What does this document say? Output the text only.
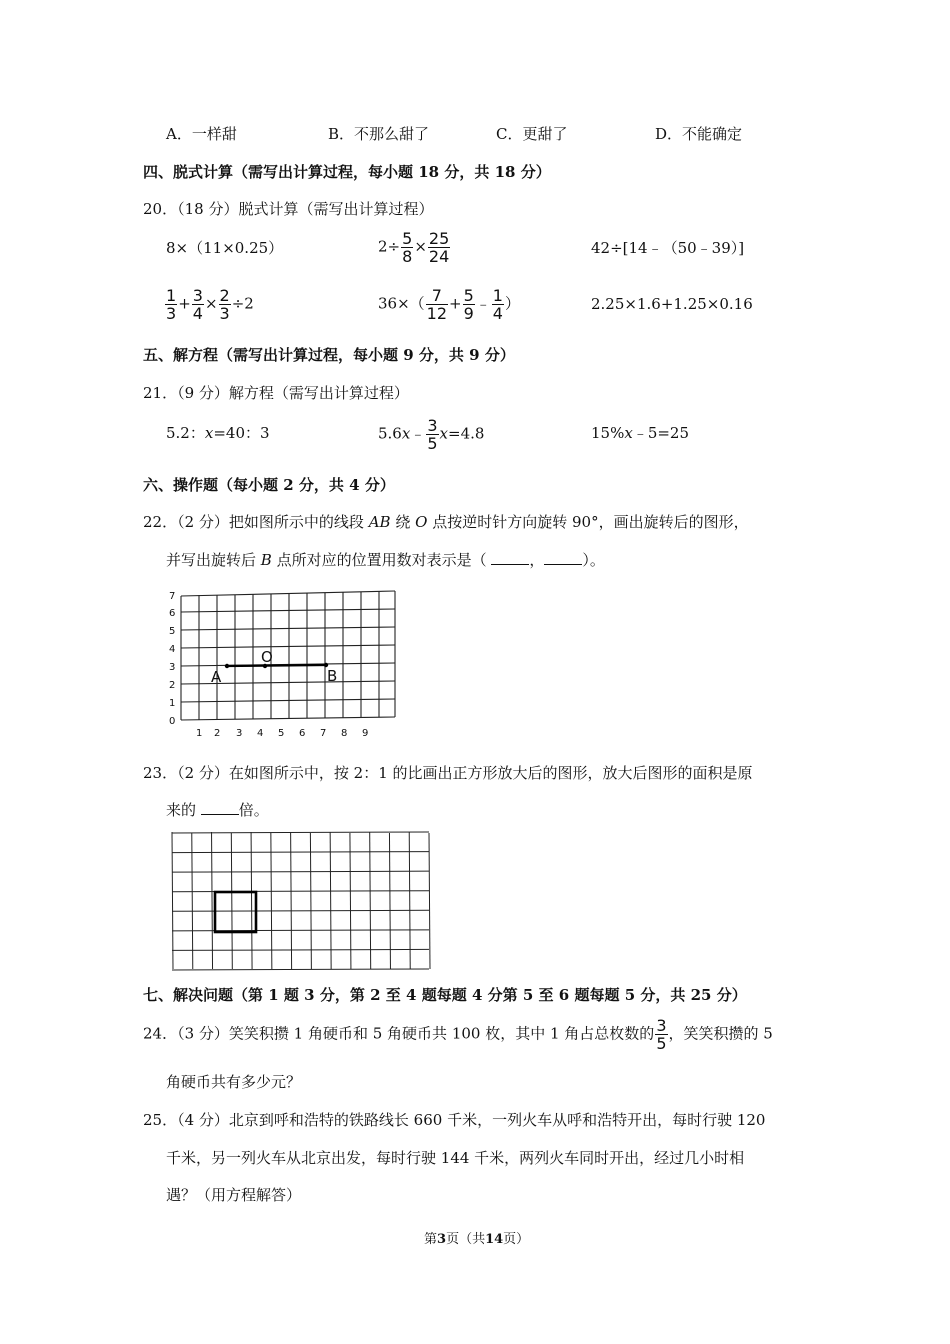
A．一样甜	B．不那么甜了	C．更甜了	D．不能确定
四、脱式计算（需写出计算过程，每小题 18 分，共 18 分）
20．（18 分）脱式计算（需写出计算过程）
8×（11×0.25）	$2\div \frac{5}{8} \times \frac{25}{24}$	42÷[14﹣（50﹣39）]
$\frac{1}{3} + \frac{3}{4} \times \frac{2}{3} \div 2$	$36\times( \frac{7}{12} + \frac{5}{9}$ ﹣ $\frac{1}{4}$ ）	2.25×1.6+1.25×0.16
五、解方程（需写出计算过程，每小题 9 分，共 9 分）
21．（9 分）解方程（需写出计算过程）
5.2：x=40：3	5.6x﹣ $\frac{3}{5} x=4.8$	15%x﹣5=25
六、操作题（每小题 2 分，共 4 分）
22．（2 分）把如图所示中的线段 AB 绕 O 点按逆时针方向旋转 90°，画出旋转后的图形，
并写出旋转后 B 点所对应的位置用数对表示是（	，	）。
7
6
5
4
3
2
1
0
1 2 3 4 5 6 7 8 9
A
O
B
23．（2 分）在如图所示中，按 2：1 的比画出正方形放大后的图形，放大后图形的面积是原
来的	倍。
七、解决问题（第 1 题 3 分，第 2 至 4 题每题 4 分第 5 至 6 题每题 5 分，共 25 分）
24．（3 分）笑笑积攒 1 角硬币和 5 角硬币共 100 枚，其中 1 角占总枚数的 $\frac{3}{5}$ ，笑笑积攒的 5
角硬币共有多少元？
25．（4 分）北京到呼和浩特的铁路线长 660 千米，一列火车从呼和浩特开出，每时行驶 120
千米，另一列火车从北京出发，每时行驶 144 千米，两列火车同时开出，经过几小时相
遇？（用方程解答）
第3页（共14页）
